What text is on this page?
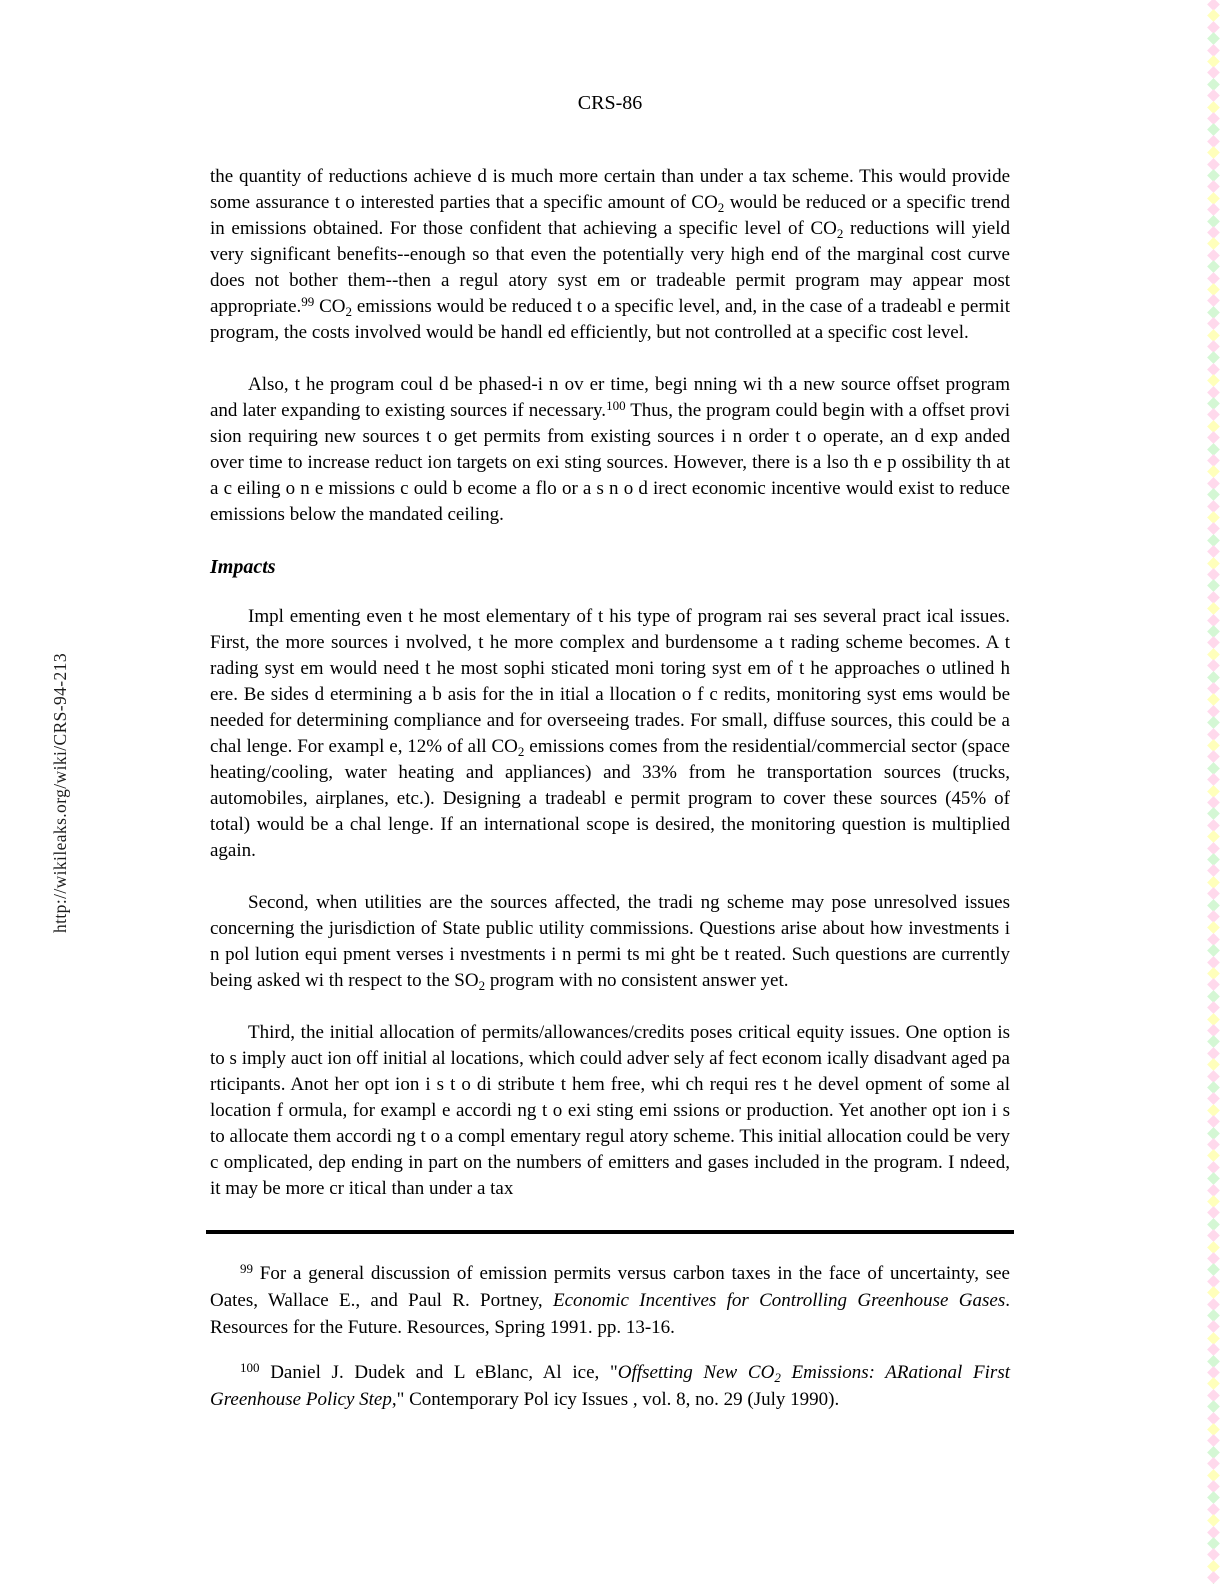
http://wikileaks.org/wiki/CRS-94-213
CRS-86

the quantity of reductions achieve d is much more certain than under a tax scheme. This would provide some assurance t o interested parties that a specific amount of $CO_2$ would be reduced or a specific trend in emissions obtained. For those confident that achieving a specific level of $CO_2$ reductions will yield very significant benefits--enough so that even the potentially very high end of the marginal cost curve does not bother them--then a regul atory syst em or tradeable permit program may appear most appropriate.$^{99}$ $CO_2$ emissions would be reduced t o a specific level, and, in the case of a tradeabl e permit program, the costs involved would be handl ed efficiently, but not controlled at a specific cost level.

Also, t he program coul d be phased-i n ov er time, begi nning wi th a new source offset program and later expanding to existing sources if necessary.$^{100}$ Thus, the program could begin with a offset provi sion requiring new sources t o get permits from existing sources i n order t o operate, an d exp anded over time to increase reduct ion targets on exi sting sources. However, there is a lso th e p ossibility th at a c eiling o n e missions c ould b ecome a flo or a s n o d irect economic incentive would exist to reduce emissions below the mandated ceiling.

Impacts

Impl ementing even t he most elementary of t his type of program rai ses several pract ical issues. First, the more sources i nvolved, t he more complex and burdensome a t rading scheme becomes. A t rading syst em would need t he most sophi sticated moni toring syst em of t he approaches o utlined h ere. Be sides d etermining a b asis for the in itial a llocation o f c redits, monitoring syst ems would be needed for determining compliance and for overseeing trades. For small, diffuse sources, this could be a chal lenge. For exampl e, 12% of all $CO_2$ emissions comes from the residential/commercial sector (space heating/cooling, water heating and appliances) and 33% from he transportation sources (trucks, automobiles, airplanes, etc.). Designing a tradeabl e permit program to cover these sources (45% of total) would be a chal lenge. If an international scope is desired, the monitoring question is multiplied again.

Second, when utilities are the sources affected, the tradi ng scheme may pose unresolved issues concerning the jurisdiction of State public utility commissions. Questions arise about how investments i n pol lution equi pment verses i nvestments i n permi ts mi ght be t reated. Such questions are currently being asked wi th respect to the $SO_2$ program with no consistent answer yet.

Third, the initial allocation of permits/allowances/credits poses critical equity issues. One option is to s imply auct ion off initial al locations, which could adver sely af fect econom ically disadvant aged pa rticipants. Anot her opt ion i s t o di stribute t hem free, whi ch requi res t he devel opment of some al location f ormula, for exampl e accordi ng t o exi sting emi ssions or production. Yet another opt ion i s to allocate them accordi ng t o a compl ementary regul atory scheme. This initial allocation could be very c omplicated, dep ending in part on the numbers of emitters and gases included in the program. I ndeed, it may be more cr itical than under a tax

$^{99}$ For a general discussion of emission permits versus carbon taxes in the face of uncertainty, see Oates, Wallace E., and Paul R. Portney, Economic Incentives for Controlling Greenhouse Gases. Resources for the Future. Resources, Spring 1991. pp. 13-16.

$^{100}$ Daniel J. Dudek and L eBlanc, Al ice, "Offsetting New $CO_2$ Emissions: ARational First Greenhouse Policy Step," Contemporary Pol icy Issues , vol. 8, no. 29 (July 1990).
